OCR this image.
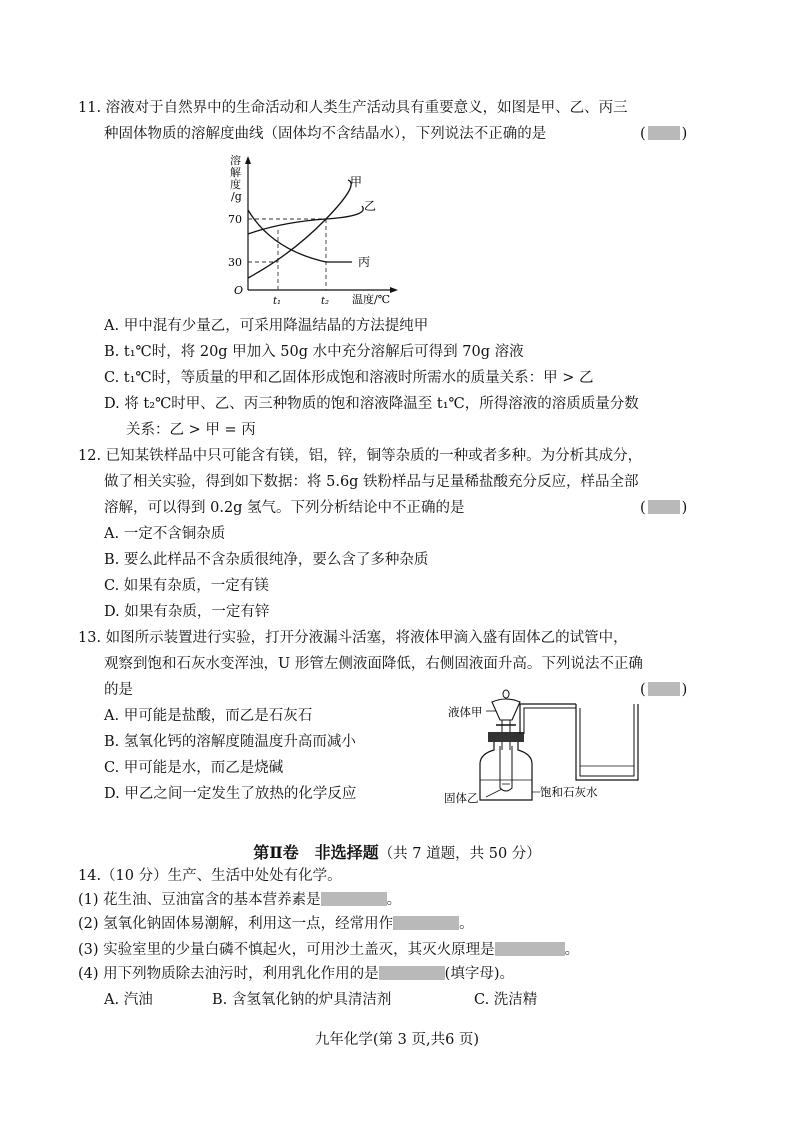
11. 溶液对于自然界中的生命活动和人类生产活动具有重要意义，如图是甲、乙、丙三
种固体物质的溶解度曲线（固体均不含结晶水），下列说法不正确的是	( )
溶
解
度
/g
70
30
O
t₁	t₂ 温度/℃
甲
乙
丙
A. 甲中混有少量乙，可采用降温结晶的方法提纯甲
B. t₁℃时，将 20g 甲加入 50g 水中充分溶解后可得到 70g 溶液
C. t₁℃时，等质量的甲和乙固体形成饱和溶液时所需水的质量关系：甲 > 乙
D. 将 t₂℃时甲、乙、丙三种物质的饱和溶液降温至 t₁℃，所得溶液的溶质质量分数
关系：乙 > 甲 = 丙
12. 已知某铁样品中只可能含有镁，铝，锌，铜等杂质的一种或者多种。为分析其成分，
做了相关实验，得到如下数据：将 5.6g 铁粉样品与足量稀盐酸充分反应，样品全部
溶解，可以得到 0.2g 氢气。下列分析结论中不正确的是	( )
A. 一定不含铜杂质
B. 要么此样品不含杂质很纯净，要么含了多种杂质
C. 如果有杂质，一定有镁
D. 如果有杂质，一定有锌
13. 如图所示装置进行实验，打开分液漏斗活塞，将液体甲滴入盛有固体乙的试管中，
观察到饱和石灰水变浑浊，U 形管左侧液面降低，右侧固液面升高。下列说法不正确
的是	( )
A. 甲可能是盐酸，而乙是石灰石
B. 氢氧化钙的溶解度随温度升高而减小
C. 甲可能是水，而乙是烧碱
D. 甲乙之间一定发生了放热的化学反应
液体甲
固体乙	饱和石灰水
第Ⅱ卷　非选择题（共 7 道题，共 50 分）
14.（10 分）生产、生活中处处有化学。
(1) 花生油、豆油富含的基本营养素是	。
(2) 氢氧化钠固体易潮解，利用这一点，经常用作	。
(3) 实验室里的少量白磷不慎起火，可用沙土盖灭，其灭火原理是	。
(4) 用下列物质除去油污时，利用乳化作用的是	(填字母)。
A. 汽油	B. 含氢氧化钠的炉具清洁剂	C. 洗洁精
九年化学(第 3 页,共6 页)
